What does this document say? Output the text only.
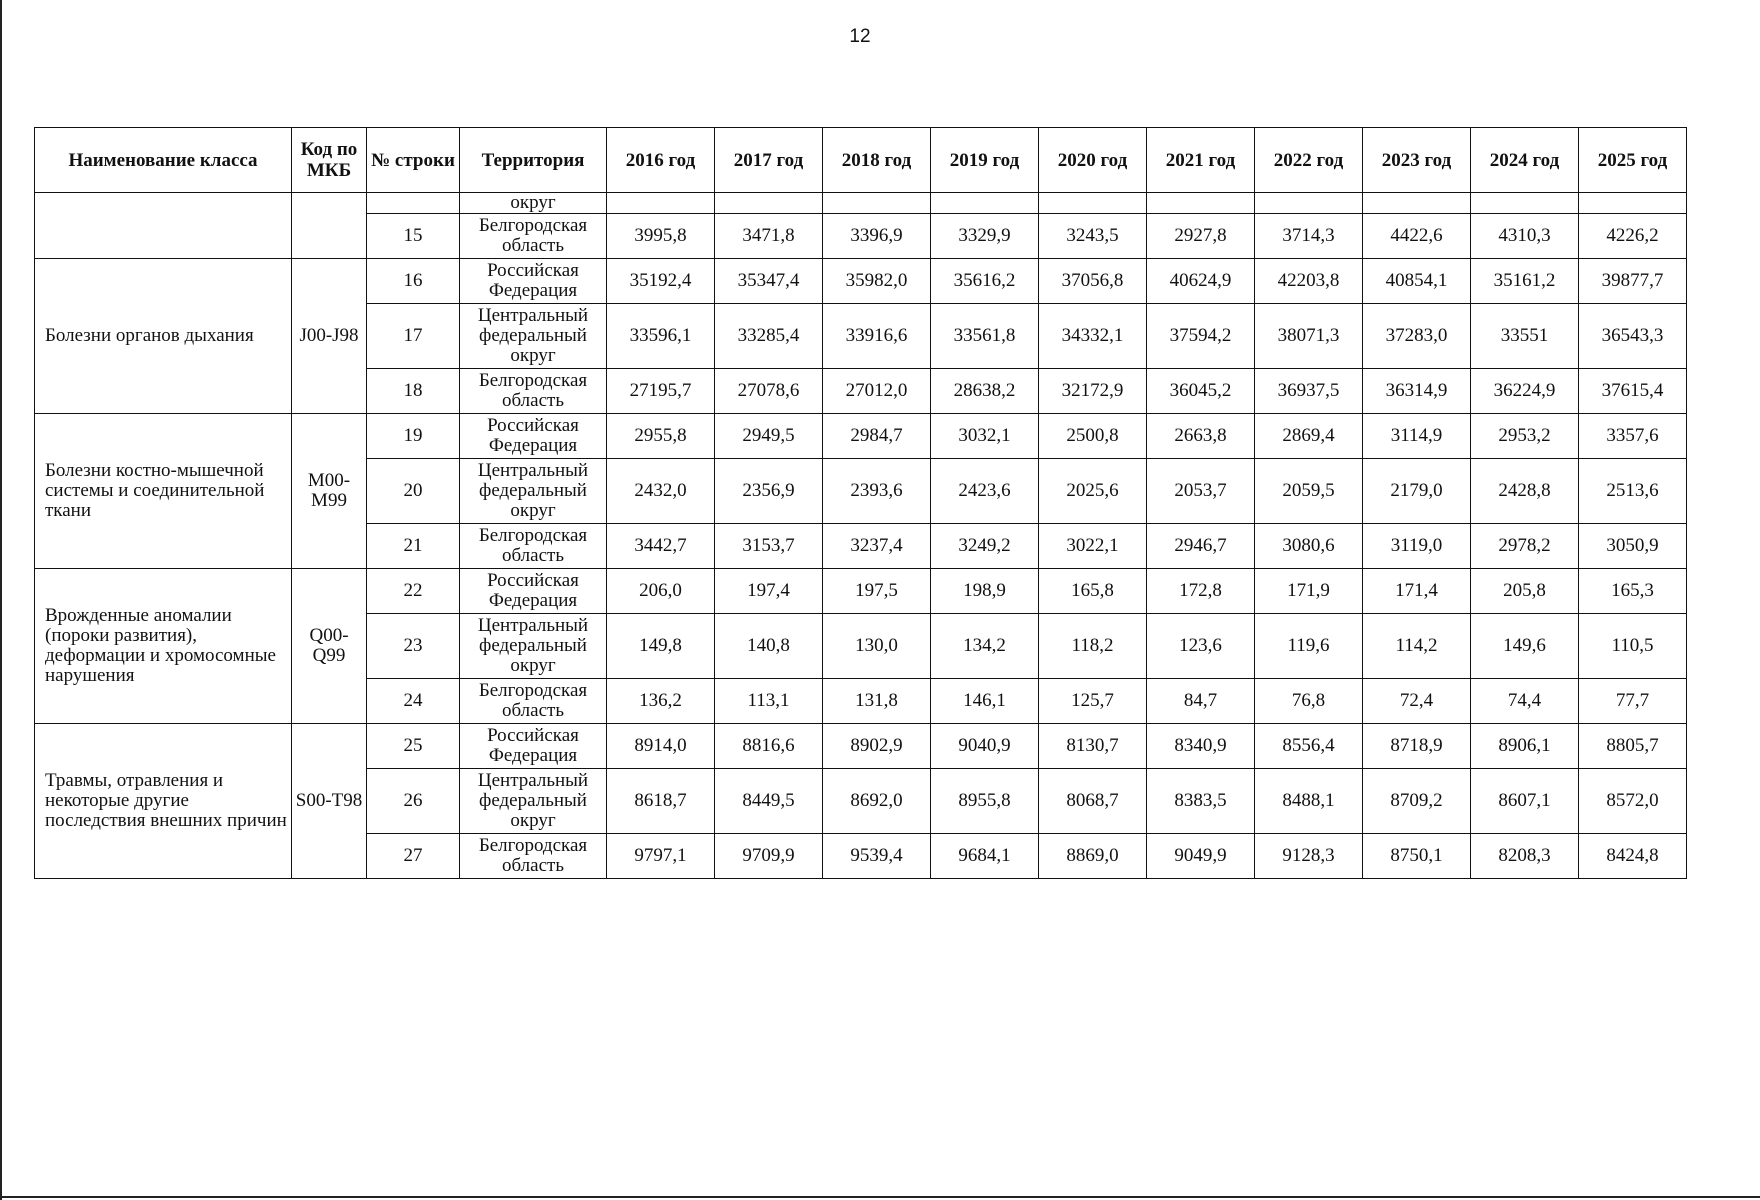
12
Наименование класса	Код по МКБ	№ строки	Территория	2016 год	2017 год	2018 год	2019 год	2020 год	2021 год	2022 год	2023 год	2024 год	2025 год
			округ										
		15	Белгородская область	3995,8	3471,8	3396,9	3329,9	3243,5	2927,8	3714,3	4422,6	4310,3	4226,2
Болезни органов дыхания	J00-J98	16	Российская Федерация	35192,4	35347,4	35982,0	35616,2	37056,8	40624,9	42203,8	40854,1	35161,2	39877,7
		17	Центральный федеральный округ	33596,1	33285,4	33916,6	33561,8	34332,1	37594,2	38071,3	37283,0	33551	36543,3
		18	Белгородская область	27195,7	27078,6	27012,0	28638,2	32172,9	36045,2	36937,5	36314,9	36224,9	37615,4
Болезни костно-мышечной системы и соединительной ткани	M00-M99	19	Российская Федерация	2955,8	2949,5	2984,7	3032,1	2500,8	2663,8	2869,4	3114,9	2953,2	3357,6
		20	Центральный федеральный округ	2432,0	2356,9	2393,6	2423,6	2025,6	2053,7	2059,5	2179,0	2428,8	2513,6
		21	Белгородская область	3442,7	3153,7	3237,4	3249,2	3022,1	2946,7	3080,6	3119,0	2978,2	3050,9
Врожденные аномалии (пороки развития), деформации и хромосомные нарушения	Q00-Q99	22	Российская Федерация	206,0	197,4	197,5	198,9	165,8	172,8	171,9	171,4	205,8	165,3
		23	Центральный федеральный округ	149,8	140,8	130,0	134,2	118,2	123,6	119,6	114,2	149,6	110,5
		24	Белгородская область	136,2	113,1	131,8	146,1	125,7	84,7	76,8	72,4	74,4	77,7
Травмы, отравления и некоторые другие последствия внешних причин	S00-T98	25	Российская Федерация	8914,0	8816,6	8902,9	9040,9	8130,7	8340,9	8556,4	8718,9	8906,1	8805,7
		26	Центральный федеральный округ	8618,7	8449,5	8692,0	8955,8	8068,7	8383,5	8488,1	8709,2	8607,1	8572,0
		27	Белгородская область	9797,1	9709,9	9539,4	9684,1	8869,0	9049,9	9128,3	8750,1	8208,3	8424,8
